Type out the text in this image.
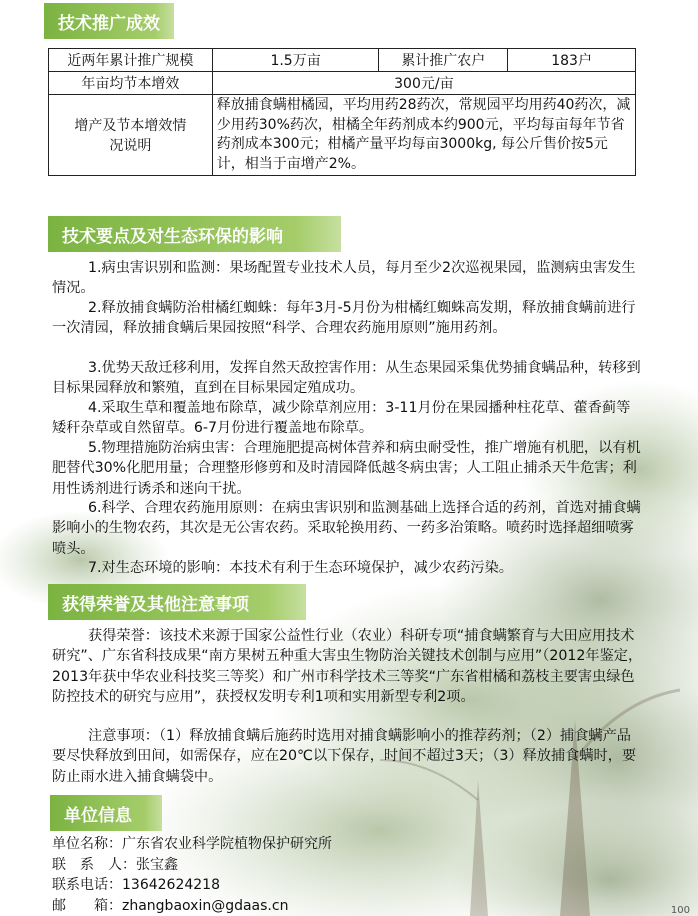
技术推广成效
近两年累计推广规模	1.5万亩	累计推广农户	183户
年亩均节本增效	300元/亩		
增产及节本增效情况说明	释放捕食螨柑橘园，平均用药28药次，常规园平均用药40药次，减少用药30%药次，柑橘全年药剂成本约900元，平均每亩每年节省药剂成本300元；柑橘产量平均每亩3000kg, 每公斤售价按5元计，相当于亩增产2%。		
技术要点及对生态环保的影响

1.病虫害识别和监测：果场配置专业技术人员，每月至少2次巡视果园，监测病虫害发生情况。

2.释放捕食螨防治柑橘红蜘蛛：每年3月-5月份为柑橘红蜘蛛高发期，释放捕食螨前进行一次清园，释放捕食螨后果园按照“科学、合理农药施用原则”施用药剂。

3.优势天敌迁移利用，发挥自然天敌控害作用：从生态果园采集优势捕食螨品种，转移到目标果园释放和繁殖，直到在目标果园定殖成功。

4.采取生草和覆盖地布除草，减少除草剂应用：3-11月份在果园播种柱花草、藿香蓟等矮秆杂草或自然留草。6-7月份进行覆盖地布除草。

5.物理措施防治病虫害：合理施肥提高树体营养和病虫耐受性，推广增施有机肥，以有机肥替代30%化肥用量；合理整形修剪和及时清园降低越冬病虫害；人工阻止捕杀天牛危害；利用性诱剂进行诱杀和迷向干扰。

6.科学、合理农药施用原则：在病虫害识别和监测基础上选择合适的药剂，首选对捕食螨影响小的生物农药，其次是无公害农药。采取轮换用药、一药多治策略。喷药时选择超细喷雾喷头。

7.对生态环境的影响：本技术有利于生态环境保护，减少农药污染。

获得荣誉及其他注意事项

获得荣誉：该技术来源于国家公益性行业（农业）科研专项“捕食螨繁育与大田应用技术研究”、广东省科技成果“南方果树五种重大害虫生物防治关键技术创制与应用”（2012年鉴定，2013年获中华农业科技奖三等奖）和广州市科学技术三等奖“广东省柑橘和荔枝主要害虫绿色防控技术的研究与应用”，获授权发明专利1项和实用新型专利2项。

注意事项：（1）释放捕食螨后施药时选用对捕食螨影响小的推荐药剂；（2）捕食螨产品要尽快释放到田间，如需保存，应在20℃以下保存，时间不超过3天；（3）释放捕食螨时，要防止雨水进入捕食螨袋中。

单位信息
单位名称：广东省农业科学院植物保护研究所
联　系　人：张宝鑫
联系电话：13642624218
邮　　箱：zhangbaoxin@gdaas.cn	100
